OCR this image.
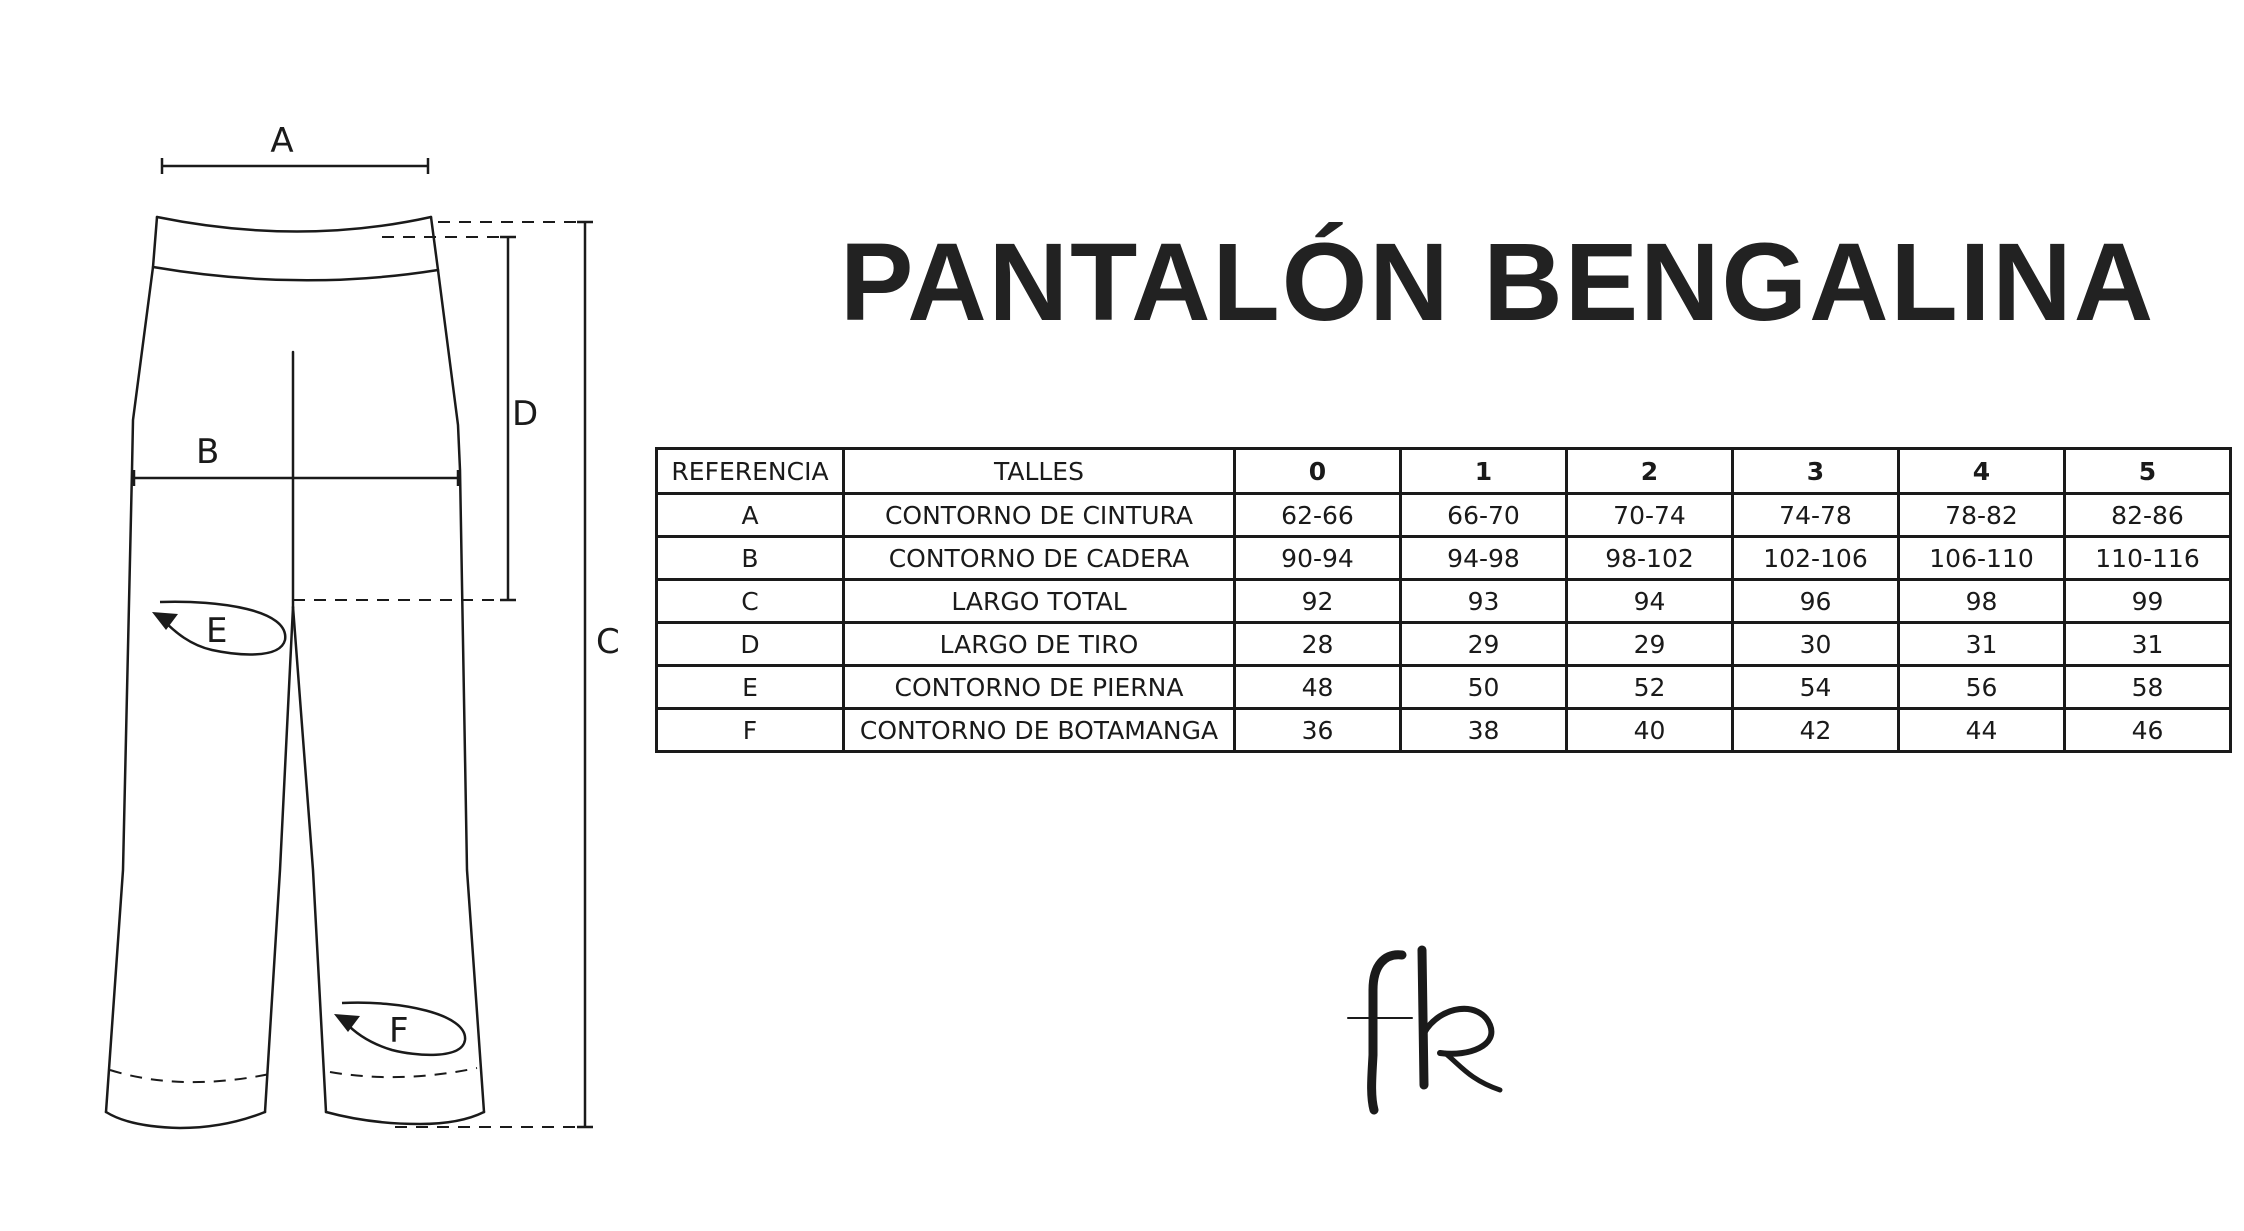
A
B
C
D
E
F
PANTALÓN BENGALINA
REFERENCIA	TALLES	0	1	2	3	4	5
A	CONTORNO DE CINTURA	62-66	66-70	70-74	74-78	78-82	82-86
B	CONTORNO DE CADERA	90-94	94-98	98-102	102-106	106-110	110-116
C	LARGO TOTAL	92	93	94	96	98	99
D	LARGO DE TIRO	28	29	29	30	31	31
E	CONTORNO DE PIERNA	48	50	52	54	56	58
F	CONTORNO DE BOTAMANGA	36	38	40	42	44	46
